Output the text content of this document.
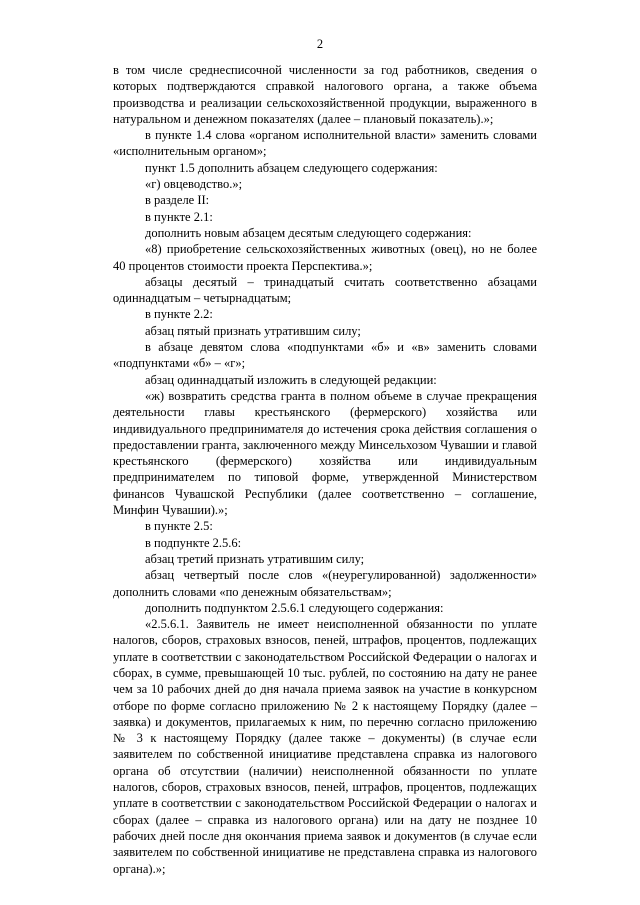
2

в том числе среднесписочной численности за год работников, сведения о которых подтверждаются справкой налогового органа, а также объема производства и реализации сельскохозяйственной продукции, выраженного в натуральном и денежном показателях (далее – плановый показатель).»;

в пункте 1.4 слова «органом исполнительной власти» заменить словами «исполнительным органом»;

пункт 1.5 дополнить абзацем следующего содержания:

«г) овцеводство.»;

в разделе II:

в пункте 2.1:

дополнить новым абзацем десятым следующего содержания:

«8) приобретение сельскохозяйственных животных (овец), но не более 40 процентов стоимости проекта Перспектива.»;

абзацы десятый – тринадцатый считать соответственно абзацами одиннадцатым – четырнадцатым;

в пункте 2.2:

абзац пятый признать утратившим силу;

в абзаце девятом слова «подпунктами «б» и «в» заменить словами «подпунктами «б» – «г»;

абзац одиннадцатый изложить в следующей редакции:

«ж) возвратить средства гранта в полном объеме в случае прекращения деятельности главы крестьянского (фермерского) хозяйства или индивидуального предпринимателя до истечения срока действия соглашения о предоставлении гранта, заключенного между Минсельхозом Чувашии и главой крестьянского (фермерского) хозяйства или индивидуальным предпринимателем по типовой форме, утвержденной Министерством финансов Чувашской Республики (далее соответственно – соглашение, Минфин Чувашии).»;

в пункте 2.5:

в подпункте 2.5.6:

абзац третий признать утратившим силу;

абзац четвертый после слов «(неурегулированной) задолженности» дополнить словами «по денежным обязательствам»;

дополнить подпунктом 2.5.6.1 следующего содержания:

«2.5.6.1. Заявитель не имеет неисполненной обязанности по уплате налогов, сборов, страховых взносов, пеней, штрафов, процентов, подлежащих уплате в соответствии с законодательством Российской Федерации о налогах и сборах, в сумме, превышающей 10 тыс. рублей, по состоянию на дату не ранее чем за 10 рабочих дней до дня начала приема заявок на участие в конкурсном отборе по форме согласно приложению № 2 к настоящему Порядку (далее – заявка) и документов, прилагаемых к ним, по перечню согласно приложению № 3 к настоящему Порядку (далее также – документы) (в случае если заявителем по собственной инициативе представлена справка из налогового органа об отсутствии (наличии) неисполненной обязанности по уплате налогов, сборов, страховых взносов, пеней, штрафов, процентов, подлежащих уплате в соответствии с законодательством Российской Федерации о налогах и сборах (далее – справка из налогового органа) или на дату не позднее 10 рабочих дней после дня окончания приема заявок и документов (в случае если заявителем по собственной инициативе не представлена справка из налогового органа).»;
